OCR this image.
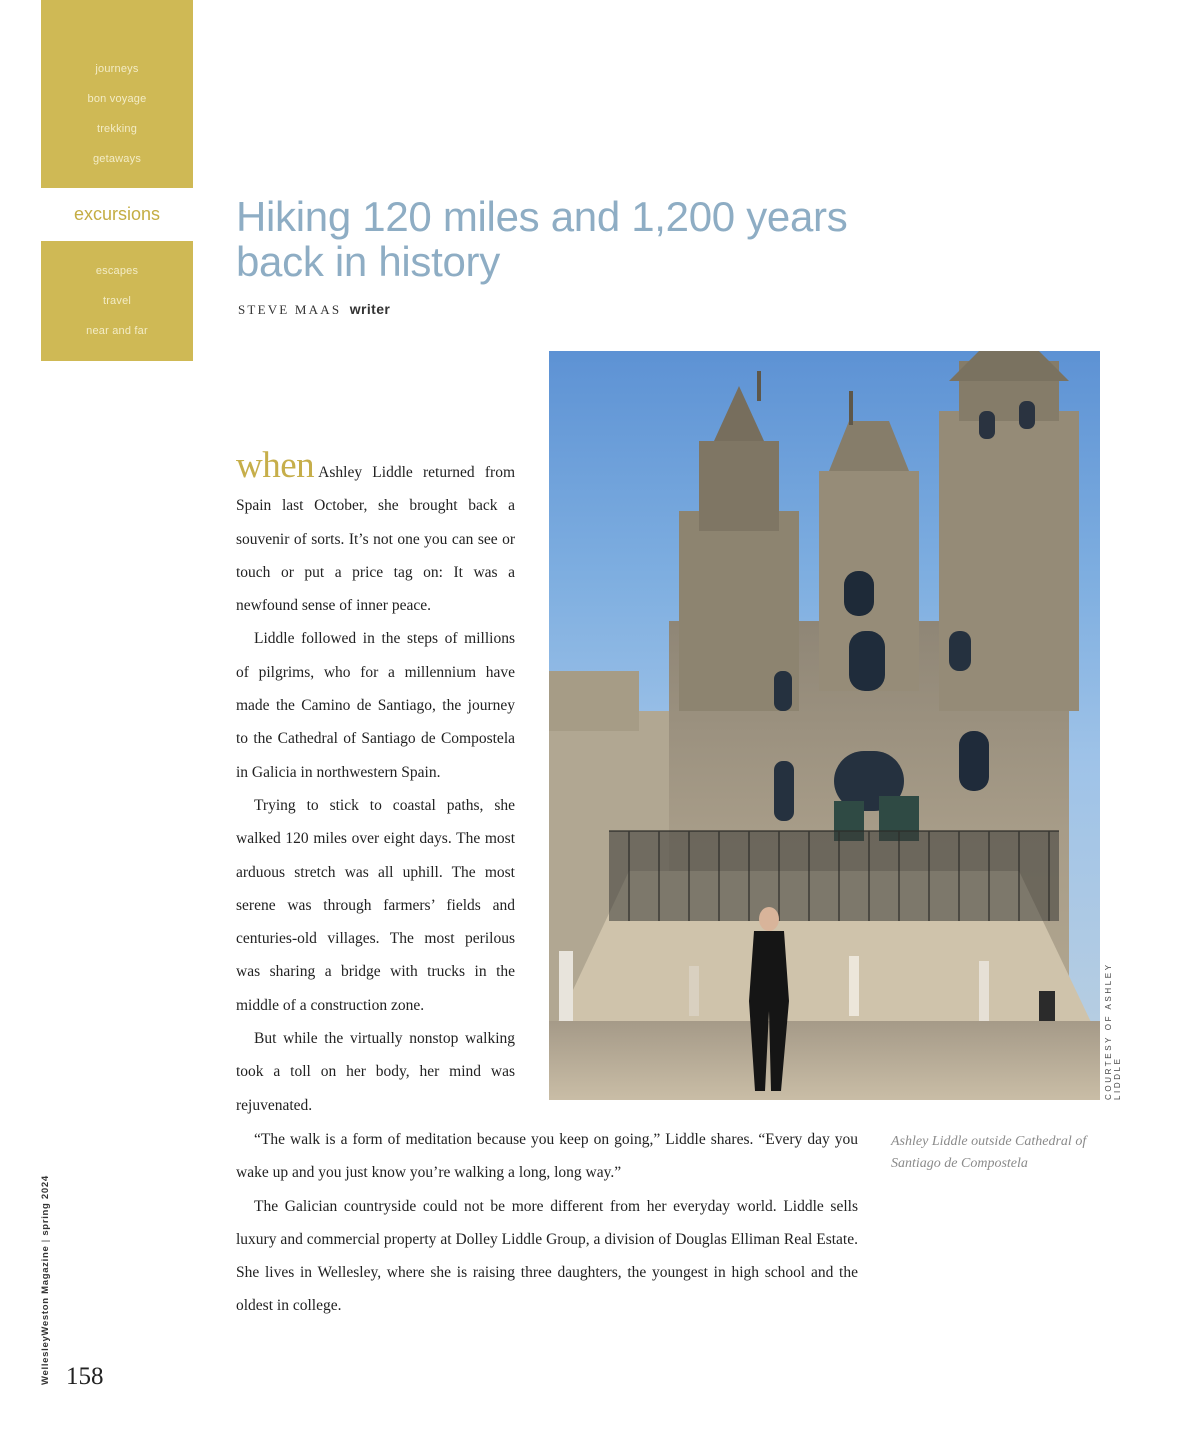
journeys
bon voyage
trekking
getaways
excursions
escapes
travel
near and far
Hiking 120 miles and 1,200 years
back in history
STEVE MAAS writer
COURTESY OF ASHLEY LIDDLE
Ashley Liddle outside Cathedral of Santiago de Compostela

when Ashley Liddle returned from Spain last October, she brought back a souvenir of sorts. It’s not one you can see or touch or put a price tag on: It was a newfound sense of inner peace.

Liddle followed in the steps of millions of pilgrims, who for a millennium have made the Camino de Santiago, the journey to the Cathedral of Santiago de Compostela in Galicia in northwestern Spain.

Trying to stick to coastal paths, she walked 120 miles over eight days. The most arduous stretch was all uphill. The most serene was through farmers’ fields and centuries-old villages. The most perilous was sharing a bridge with trucks in the middle of a construction zone.

But while the virtually nonstop walking took a toll on her body, her mind was rejuvenated.

“The walk is a form of meditation because you keep on going,” Liddle shares. “Every day you wake up and you just know you’re walking a long, long way.”

The Galician countryside could not be more different from her everyday world. Liddle sells luxury and commercial property at Dolley Liddle Group, a division of Douglas Elliman Real Estate. She lives in Wellesley, where she is raising three daughters, the youngest in high school and the oldest in college.

WellesleyWeston Magazine | spring 2024
158
